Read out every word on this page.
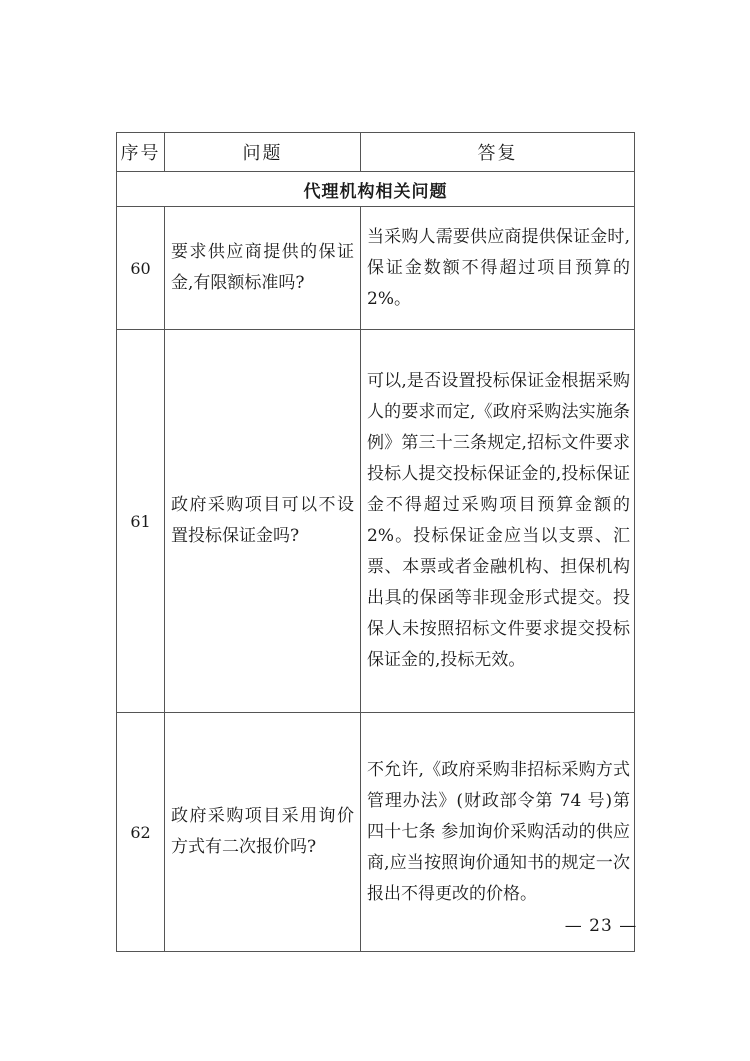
序号	问题	答复
代理机构相关问题		
60	要求供应商提供的保证金,有限额标准吗?	当采购人需要供应商提供保证金时,保证金数额不得超过项目预算的 2%。
61	政府采购项目可以不设置投标保证金吗?	可以,是否设置投标保证金根据采购人的要求而定,《政府采购法实施条例》第三十三条规定,招标文件要求投标人提交投标保证金的,投标保证金不得超过采购项目预算金额的 2%。投标保证金应当以支票、汇票、本票或者金融机构、担保机构出具的保函等非现金形式提交。投保人未按照招标文件要求提交投标保证金的,投标无效。
62	政府采购项目采用询价方式有二次报价吗?	不允许,《政府采购非招标采购方式管理办法》(财政部令第 74 号)第四十七条 参加询价采购活动的供应商,应当按照询价通知书的规定一次报出不得更改的价格。
— 23 —
